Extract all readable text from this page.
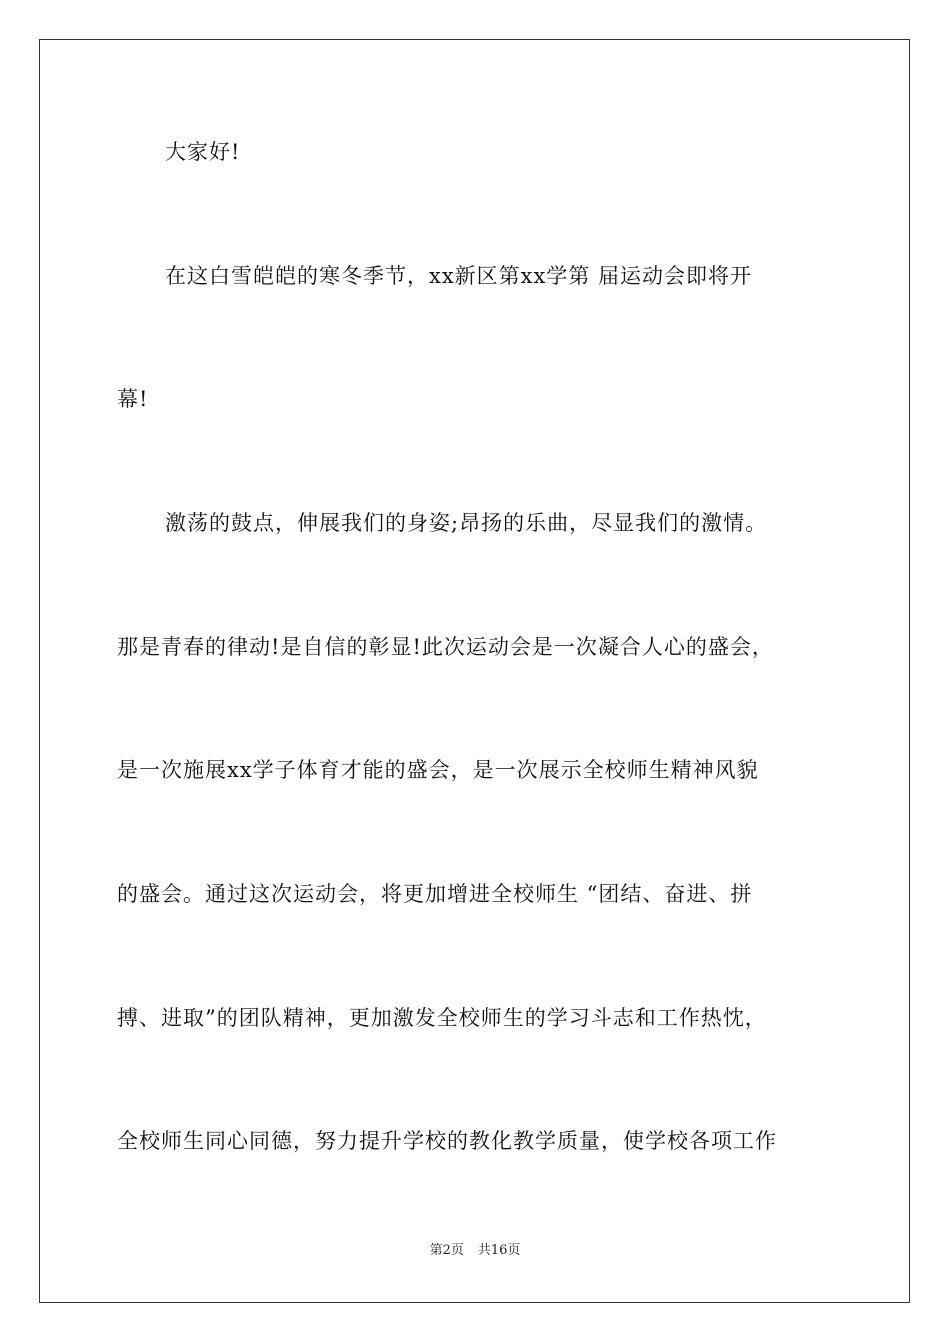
大家好!
在这白雪皑皑的寒冬季节，xx新区第xx学第 届运动会即将开
幕!
激荡的鼓点，伸展我们的身姿;昂扬的乐曲，尽显我们的激情。
那是青春的律动!是自信的彰显!此次运动会是一次凝合人心的盛会，
是一次施展xx学子体育才能的盛会，是一次展示全校师生精神风貌
的盛会。通过这次运动会，将更加增进全校师生 “团结、奋进、拼
搏、进取”的团队精神，更加激发全校师生的学习斗志和工作热忱，
全校师生同心同德，努力提升学校的教化教学质量，使学校各项工作
第2页 共16页
